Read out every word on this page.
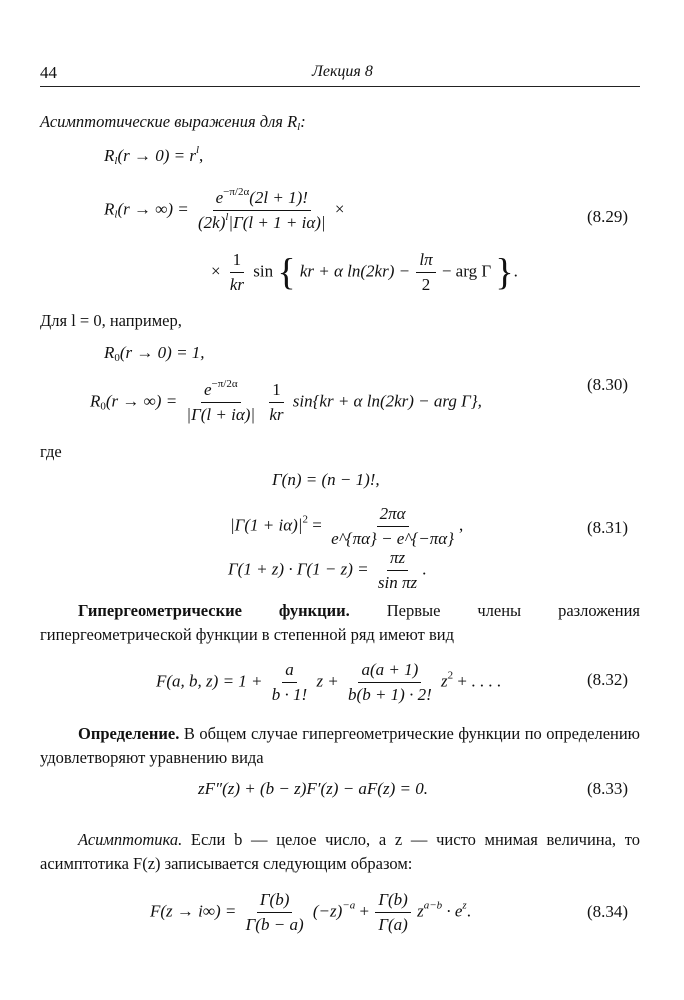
44	Лекция 8
Асимптотические выражения для $R_l$:
$R_l(r \to 0) = r^l$,
$R_l(r$ → ∞) = $\frac{e^{-\pi/2\alpha}(2l + 1)!}{(2k)^l|\Gamma(l + 1 + i\alpha)|}$ ×	(8.29)
× $\frac{1}{kr}$ sin { kr + α $\ln(2kr) - \frac{l\pi}{2}$ − arg Γ }.
Для l = 0, например,
$R_0(r \to 0) = 1$,
$R_0(r$ → ∞) = $\frac{e^{-\pi/2\alpha}}{|\Gamma(l + i\alpha)|}$
$\frac{1}{kr} \sin\{kr + \alpha$ ln(2kr) − arg Γ},
(8.30)
где
Γ(n) = (n − 1)!,
$|\Gamma(1 + i\alpha)|^2 = \frac{2\pi\alpha}{e\^{}\{\pi\alpha\} - e\^{}\{-\pi\alpha\}}$ ,	(8.31)
$\Gamma(1 + z) \cdot \Gamma(1 - z) = \frac{\pi z}{\text{sin πz}}$ .
Гипергеометрические функции. Первые члены разложения гипергеометрической функции в степенной ряд имеют вид
F(a, b, $z) = 1 + \frac{a}{b \cdot 1!}$ $z + \frac{a(a + 1)}{b(b + 1) \cdot 2!} z^2$ + . . . .	(8.32)
Определение. В общем случае гипергеометрические функции по определению удовлетворяют уравнению вида
zF″(z) + (b − z)F′(z) − aF(z) = 0.	(8.33)
Асимптотика. Если b — целое число, а z — чисто мнимая величина, то асимптотика F(z) записывается следующим образом:
$F(z \to i\infty) = \frac{\Gamma(b)}{\Gamma(b - a)} (-z)^{-a} + \frac{\Gamma(b)}{\Gamma(a)} z^{a-b} \cdot e^z$.	(8.34)
